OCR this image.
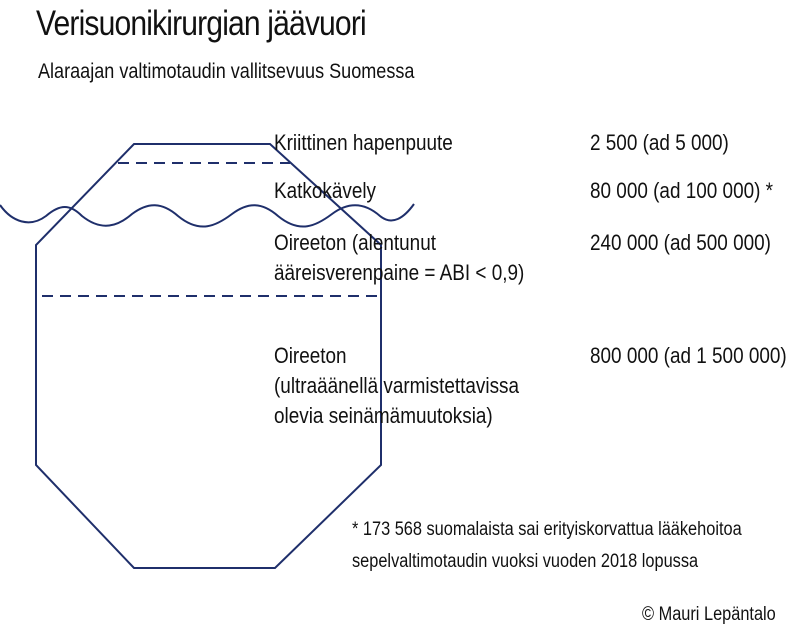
Verisuonikirurgian jäävuori
Alaraajan valtimotaudin vallitsevuus Suomessa
Kriittinen hapenpuute	2 500 (ad 5 000)
Katkokävely	80 000 (ad 100 000) *
Oireeton (alentunut
ääreisverenpaine = ABI < 0,9)
240 000 (ad 500 000)
Oireeton
(ultraäänellä varmistettavissa
olevia seinämämuutoksia)
800 000 (ad 1 500 000)
* 173 568 suomalaista sai erityiskorvattua lääkehoitoa
sepelvaltimotaudin vuoksi vuoden 2018 lopussa
© Mauri Lepäntalo
